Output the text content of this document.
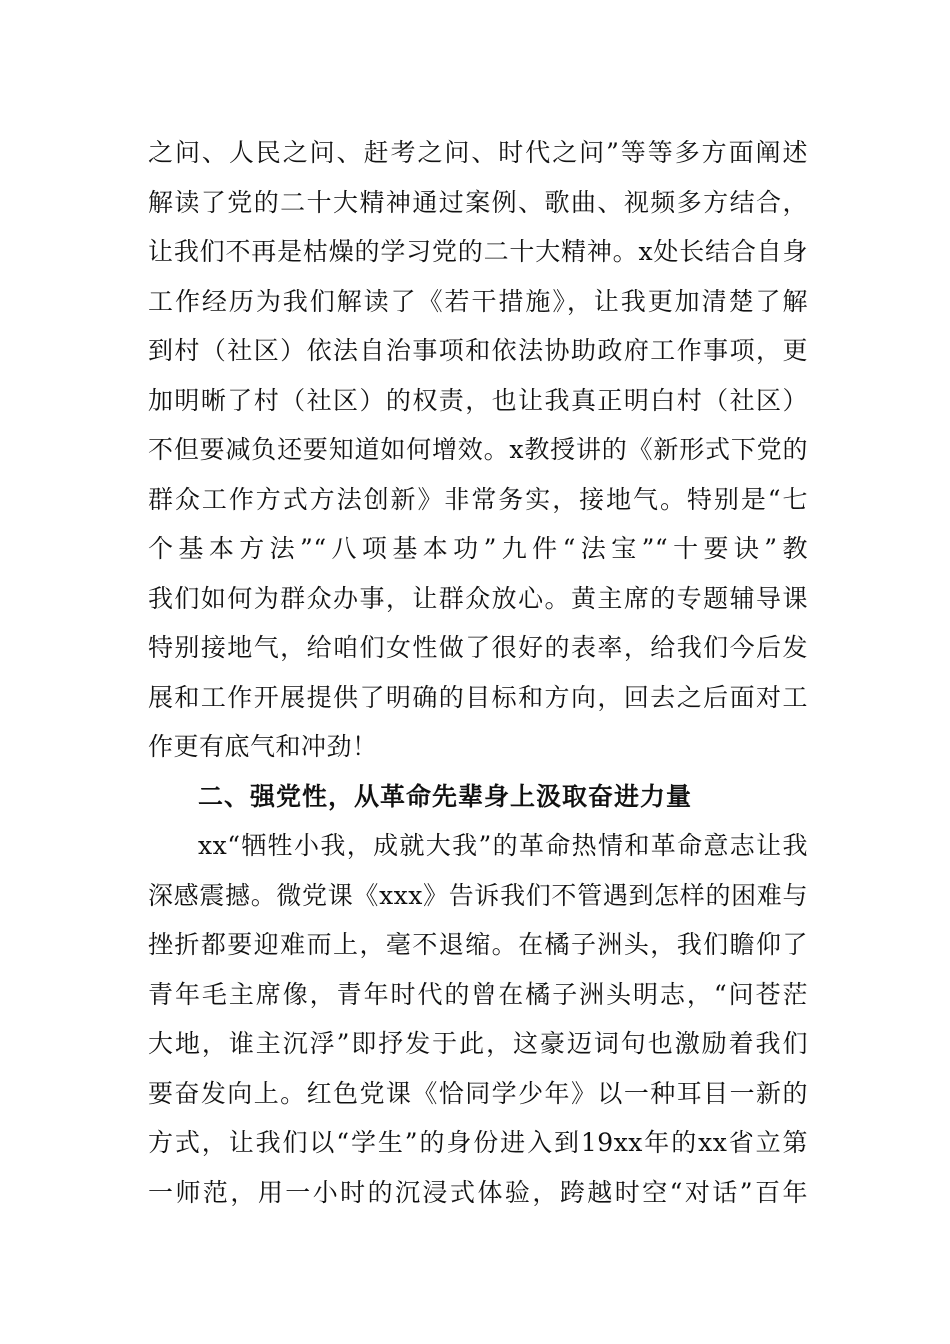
之问、人民之问、赶考之问、时代之问”等等多方面阐述
解读了党的二十大精神通过案例、歌曲、视频多方结合，
让我们不再是枯燥的学习党的二十大精神。x处长结合自身
工作经历为我们解读了《若干措施》，让我更加清楚了解
到村（社区）依法自治事项和依法协助政府工作事项，更
加明晰了村（社区）的权责，也让我真正明白村（社区）
不但要减负还要知道如何增效。x教授讲的《新形式下党的
群众工作方式方法创新》非常务实，接地气。特别是“七
个基本方法”“八项基本功”九件“法宝”“十要诀”教
我们如何为群众办事，让群众放心。黄主席的专题辅导课
特别接地气，给咱们女性做了很好的表率，给我们今后发
展和工作开展提供了明确的目标和方向，回去之后面对工
作更有底气和冲劲！
二、强党性，从革命先辈身上汲取奋进力量
xx“牺牲小我，成就大我”的革命热情和革命意志让我
深感震撼。微党课《xxx》告诉我们不管遇到怎样的困难与
挫折都要迎难而上，毫不退缩。在橘子洲头，我们瞻仰了
青年毛主席像，青年时代的曾在橘子洲头明志，“问苍茫
大地，谁主沉浮”即抒发于此，这豪迈词句也激励着我们
要奋发向上。红色党课《恰同学少年》以一种耳目一新的
方式，让我们以“学生”的身份进入到19xx年的xx省立第
一师范，用一小时的沉浸式体验，跨越时空“对话”百年
